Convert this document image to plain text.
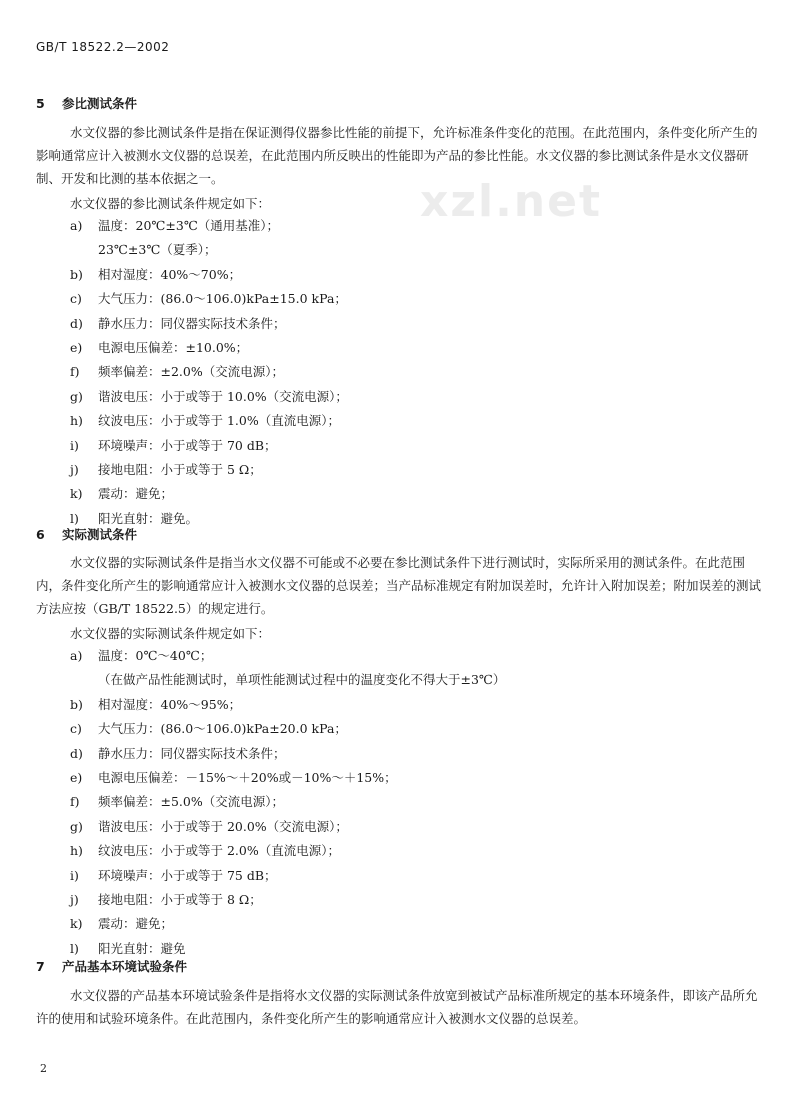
GB/T 18522.2—2002
xzl.net
5 参比测试条件

水文仪器的参比测试条件是指在保证测得仪器参比性能的前提下，允许标准条件变化的范围。在此范围内，条件变化所产生的影响通常应计入被测水文仪器的总误差，在此范围内所反映出的性能即为产品的参比性能。水文仪器的参比测试条件是水文仪器研制、开发和比测的基本依据之一。

水文仪器的参比测试条件规定如下：
a) 温度：20℃±3℃（通用基准）；
23℃±3℃（夏季）；
b) 相对湿度：40%～70%；
c) 大气压力：(86.0～106.0)kPa±15.0 kPa；
d) 静水压力：同仪器实际技术条件；
e) 电源电压偏差：±10.0%；
f) 频率偏差：±2.0%（交流电源）；
g) 谐波电压：小于或等于 10.0%（交流电源）；
h) 纹波电压：小于或等于 1.0%（直流电源）；
i) 环境噪声：小于或等于 70 dB；
j) 接地电阻：小于或等于 5 Ω；
k) 震动：避免；
l) 阳光直射：避免。
6 实际测试条件

水文仪器的实际测试条件是指当水文仪器不可能或不必要在参比测试条件下进行测试时，实际所采用的测试条件。在此范围内，条件变化所产生的影响通常应计入被测水文仪器的总误差；当产品标准规定有附加误差时，允许计入附加误差；附加误差的测试方法应按（GB/T 18522.5）的规定进行。

水文仪器的实际测试条件规定如下：
a) 温度：0℃～40℃；
（在做产品性能测试时，单项性能测试过程中的温度变化不得大于±3℃）
b) 相对湿度：40%～95%；
c) 大气压力：(86.0～106.0)kPa±20.0 kPa；
d) 静水压力：同仪器实际技术条件；
e) 电源电压偏差：－15%～＋20%或－10%～＋15%；
f) 频率偏差：±5.0%（交流电源）；
g) 谐波电压：小于或等于 20.0%（交流电源）；
h) 纹波电压：小于或等于 2.0%（直流电源）；
i) 环境噪声：小于或等于 75 dB；
j) 接地电阻：小于或等于 8 Ω；
k) 震动：避免；
l) 阳光直射：避免
7 产品基本环境试验条件

水文仪器的产品基本环境试验条件是指将水文仪器的实际测试条件放宽到被试产品标准所规定的基本环境条件，即该产品所允许的使用和试验环境条件。在此范围内，条件变化所产生的影响通常应计入被测水文仪器的总误差。

2
